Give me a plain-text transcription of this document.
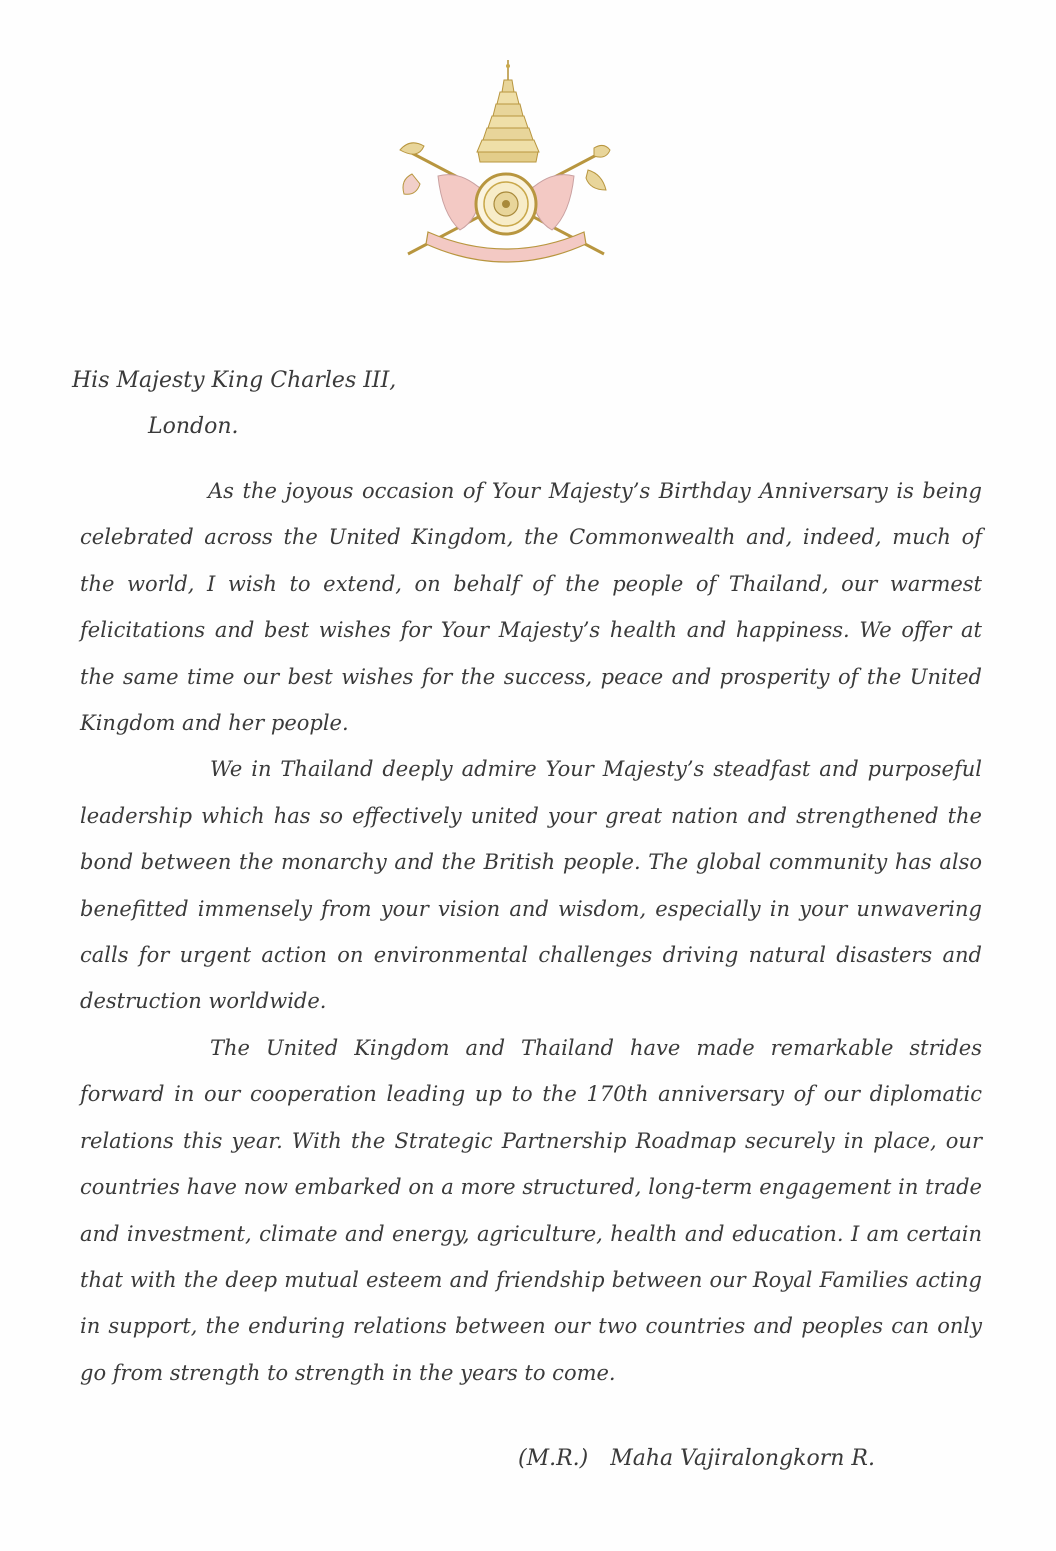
His Majesty King Charles III,
London.

As the joyous occasion of Your Majesty’s Birthday Anniversary is being celebrated across the United Kingdom, the Commonwealth and, indeed, much of the world, I wish to extend, on behalf of the people of Thailand, our warmest felicitations and best wishes for Your Majesty’s health and happiness. We offer at the same time our best wishes for the success, peace and prosperity of the United Kingdom and her people.

We in Thailand deeply admire Your Majesty’s steadfast and purposeful leadership which has so effectively united your great nation and strengthened the bond between the monarchy and the British people. The global community has also benefitted immensely from your vision and wisdom, especially in your unwavering calls for urgent action on environmental challenges driving natural disasters and destruction worldwide.

The United Kingdom and Thailand have made remarkable strides forward in our cooperation leading up to the 170th anniversary of our diplomatic relations this year. With the Strategic Partnership Roadmap securely in place, our countries have now embarked on a more structured, long-term engagement in trade and investment, climate and energy, agriculture, health and education. I am certain that with the deep mutual esteem and friendship between our Royal Families acting in support, the enduring relations between our two countries and peoples can only go from strength to strength in the years to come.

(M.R.) Maha Vajiralongkorn R.
